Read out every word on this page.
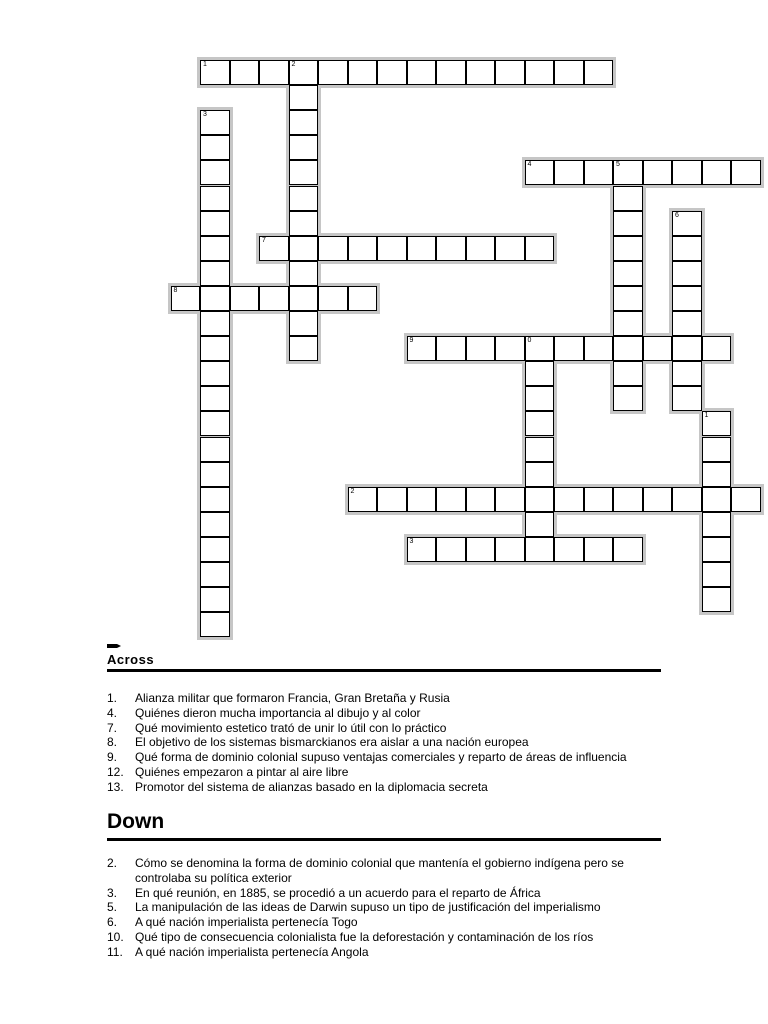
1	2
3
4	5
6
7
8
9	0
1
2
3
Across
1. Alianza militar que formaron Francia, Gran Bretaña y Rusia
4. Quiénes dieron mucha importancia al dibujo y al color
7. Qué movimiento estetico trató de unir lo útil con lo práctico
8. El objetivo de los sistemas bismarckianos era aislar a una nación europea
9. Qué forma de dominio colonial supuso ventajas comerciales y reparto de áreas de influencia
12. Quiénes empezaron a pintar al aire libre
13. Promotor del sistema de alianzas basado en la diplomacia secreta
Down
2. Cómo se denomina la forma de dominio colonial que mantenía el gobierno indígena pero se controlaba su política exterior
3. En qué reunión, en 1885, se procedió a un acuerdo para el reparto de África
5. La manipulación de las ideas de Darwin supuso un tipo de justificación del imperialismo
6. A qué nación imperialista pertenecía Togo
10. Qué tipo de consecuencia colonialista fue la deforestación y contaminación de los ríos
11. A qué nación imperialista pertenecía Angola
